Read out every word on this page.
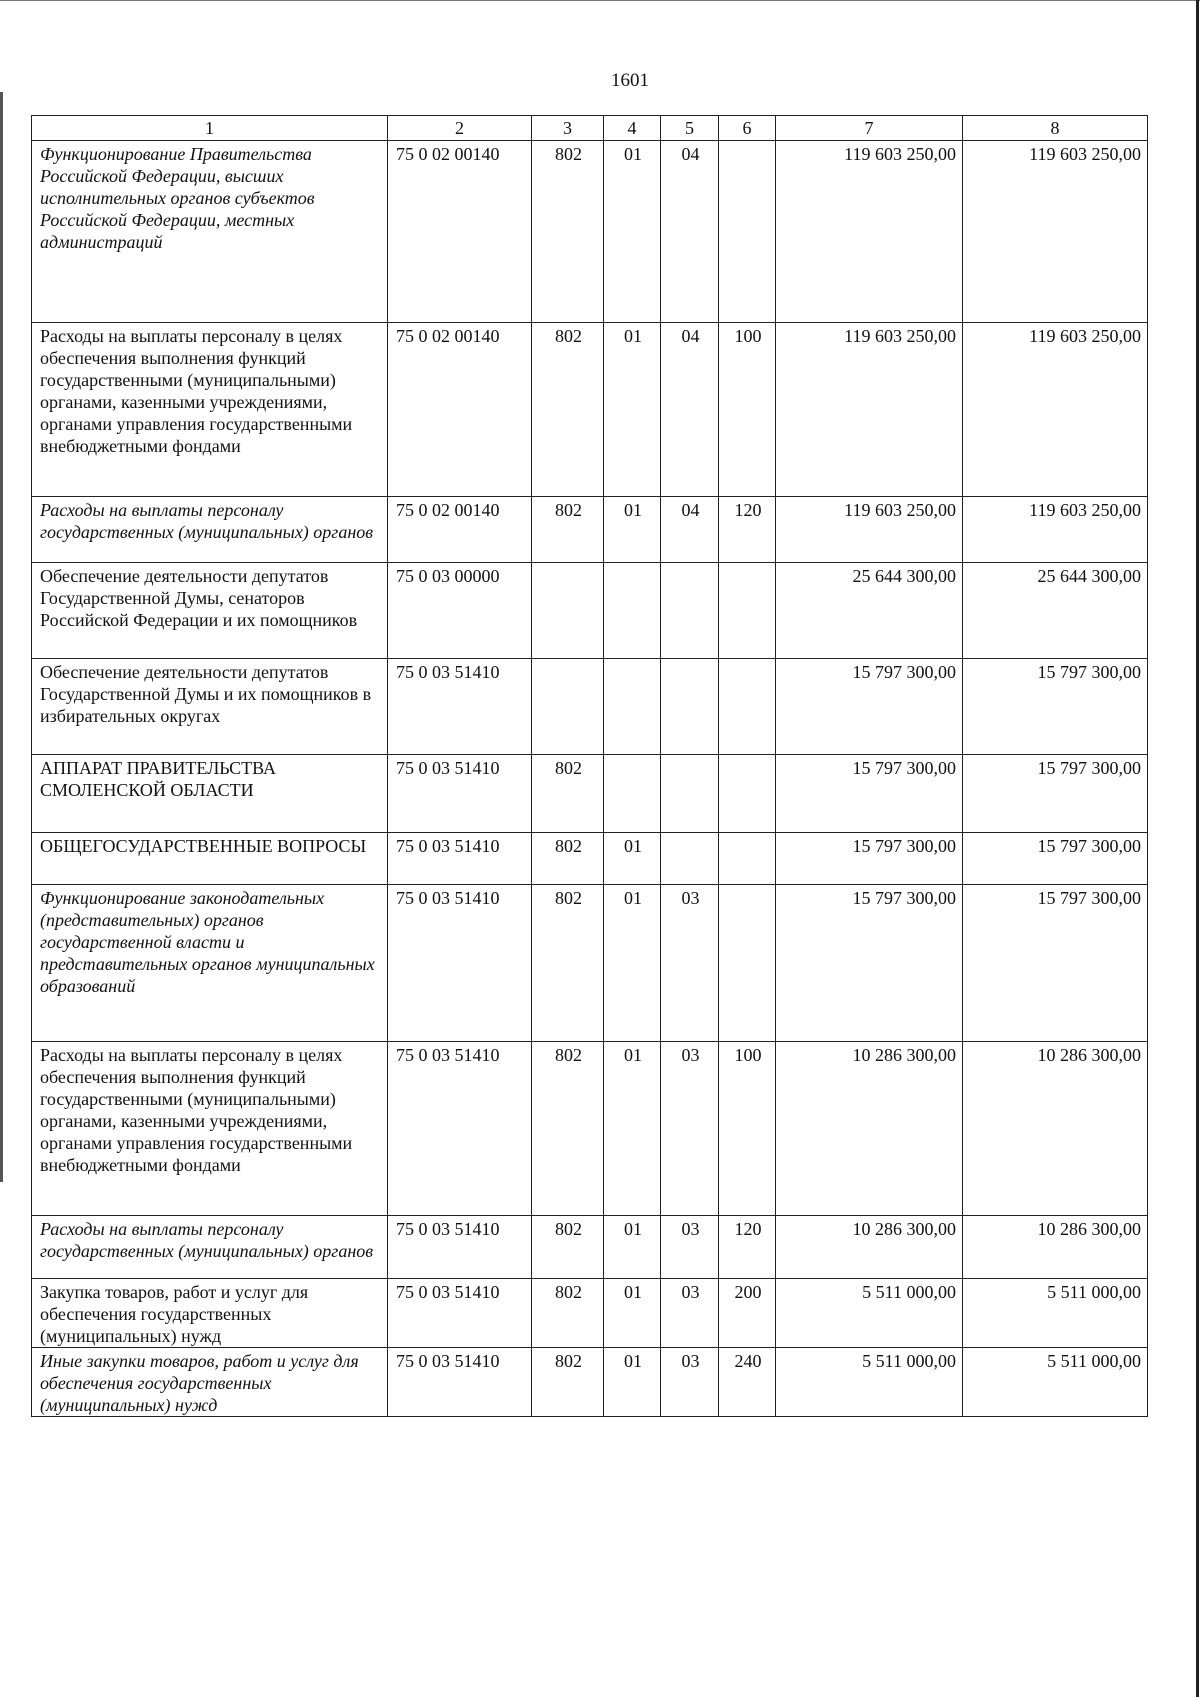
1601
1	2	3	4	5	6	7	8
Функционирование Правительства Российской Федерации, высших исполнительных органов субъектов Российской Федерации, местных администраций	75 0 02 00140	802	01	04		119 603 250,00	119 603 250,00
Расходы на выплаты персоналу в целях обеспечения выполнения функций государственными (муниципальными) органами, казенными учреждениями, органами управления государственными внебюджетными фондами	75 0 02 00140	802	01	04	100	119 603 250,00	119 603 250,00
Расходы на выплаты персоналу государственных (муниципальных) органов	75 0 02 00140	802	01	04	120	119 603 250,00	119 603 250,00
Обеспечение деятельности депутатов Государственной Думы, сенаторов Российской Федерации и их помощников	75 0 03 00000					25 644 300,00	25 644 300,00
Обеспечение деятельности депутатов Государственной Думы и их помощников в избирательных округах	75 0 03 51410					15 797 300,00	15 797 300,00
АППАРАТ ПРАВИТЕЛЬСТВА СМОЛЕНСКОЙ ОБЛАСТИ	75 0 03 51410	802				15 797 300,00	15 797 300,00
ОБЩЕГОСУДАРСТВЕННЫЕ ВОПРОСЫ	75 0 03 51410	802	01			15 797 300,00	15 797 300,00
Функционирование законодательных (представительных) органов государственной власти и представительных органов муниципальных образований	75 0 03 51410	802	01	03		15 797 300,00	15 797 300,00
Расходы на выплаты персоналу в целях обеспечения выполнения функций государственными (муниципальными) органами, казенными учреждениями, органами управления государственными внебюджетными фондами	75 0 03 51410	802	01	03	100	10 286 300,00	10 286 300,00
Расходы на выплаты персоналу государственных (муниципальных) органов	75 0 03 51410	802	01	03	120	10 286 300,00	10 286 300,00
Закупка товаров, работ и услуг для обеспечения государственных (муниципальных) нужд	75 0 03 51410	802	01	03	200	5 511 000,00	5 511 000,00
Иные закупки товаров, работ и услуг для обеспечения государственных (муниципальных) нужд	75 0 03 51410	802	01	03	240	5 511 000,00	5 511 000,00
